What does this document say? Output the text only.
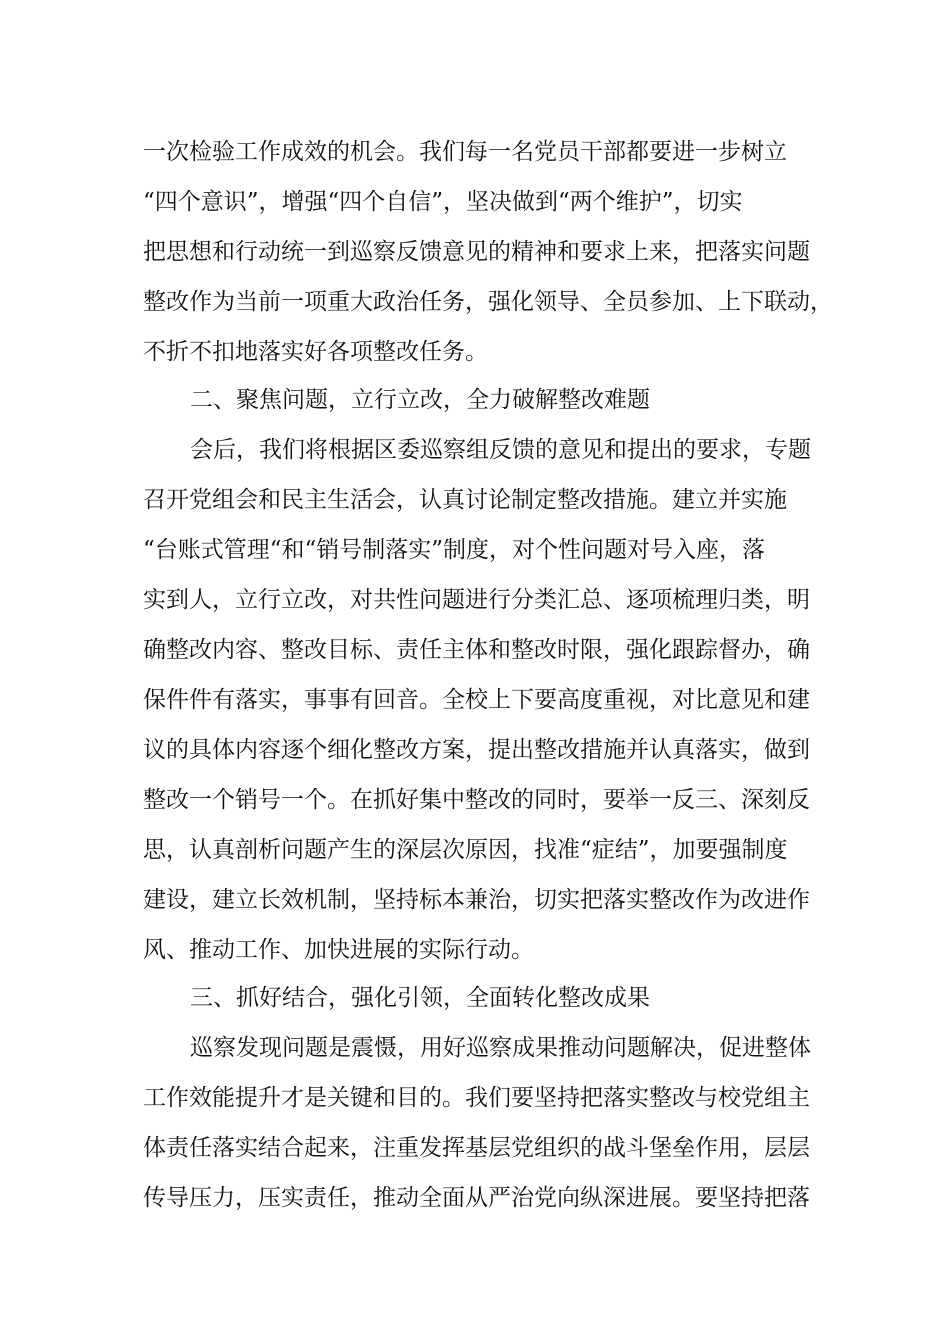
一次检验工作成效的机会。我们每一名党员干部都要进一步树立
“四个意识”，增强“四个自信”，坚决做到“两个维护”，切实
把思想和行动统一到巡察反馈意见的精神和要求上来，把落实问题
整改作为当前一项重大政治任务，强化领导、全员参加、上下联动，
不折不扣地落实好各项整改任务。
二、聚焦问题，立行立改，全力破解整改难题
会后，我们将根据区委巡察组反馈的意见和提出的要求，专题
召开党组会和民主生活会，认真讨论制定整改措施。建立并实施
“台账式管理“和“销号制落实”制度，对个性问题对号入座，落
实到人，立行立改，对共性问题进行分类汇总、逐项梳理归类，明
确整改内容、整改目标、责任主体和整改时限，强化跟踪督办，确
保件件有落实，事事有回音。全校上下要高度重视，对比意见和建
议的具体内容逐个细化整改方案，提出整改措施并认真落实，做到
整改一个销号一个。在抓好集中整改的同时，要举一反三、深刻反
思，认真剖析问题产生的深层次原因，找准“症结”，加要强制度
建设，建立长效机制，坚持标本兼治，切实把落实整改作为改进作
风、推动工作、加快进展的实际行动。
三、抓好结合，强化引领，全面转化整改成果
巡察发现问题是震慑，用好巡察成果推动问题解决，促进整体
工作效能提升才是关键和目的。我们要坚持把落实整改与校党组主
体责任落实结合起来，注重发挥基层党组织的战斗堡垒作用，层层
传导压力，压实责任，推动全面从严治党向纵深进展。要坚持把落
